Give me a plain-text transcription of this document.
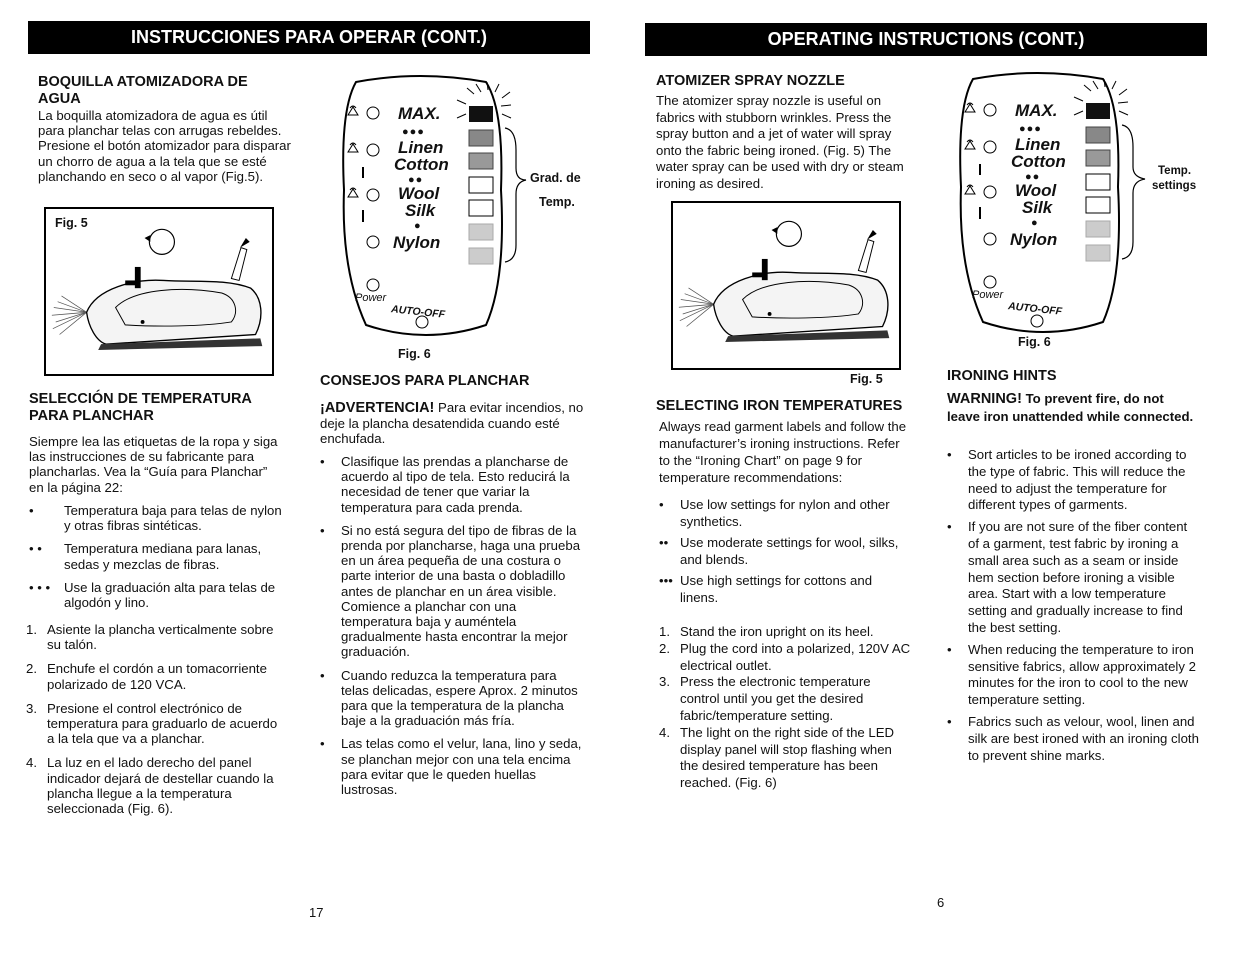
INSTRUCCIONES PARA OPERAR (CONT.)
BOQUILLA ATOMIZADORA DE AGUA
La boquilla atomizadora de agua es útil para planchar telas con arrugas rebeldes. Presione el botón atomizador para disparar un chorro de agua a la tela que se esté planchando en seco o al vapor (Fig.5).
Fig. 5
SELECCIÓN DE TEMPERATURA PARA PLANCHAR
Siempre lea las etiquetas de la ropa y siga las instrucciones de su fabricante para plancharlas. Vea la “Guía para Planchar” en la página 22:
• Temperatura baja para telas de nylon y otras fibras sintéticas.
• • Temperatura mediana para lanas, sedas y mezclas de fibras.
• • • Use la graduación alta para telas de algodón y lino.
1. Asiente la plancha verticalmente sobre su talón.
2. Enchufe el cordón a un tomacorriente polarizado de 120 VCA.
3. Presione el control electrónico de temperatura para graduarlo de acuerdo a la tela que va a planchar.
4. La luz en el lado derecho del panel indicador dejará de destellar cuando la plancha llegue a la temperatura seleccionada (Fig. 6).
MAX.
●●●
Linen
Cotton
●●
Wool
Silk
●
Nylon
Power
AUTO-OFF
Grad. de
Temp.
Fig. 6
CONSEJOS PARA PLANCHAR
¡ADVERTENCIA! Para evitar incendios, no deje la plancha desatendida cuando esté enchufada.
• Clasifique las prendas a plancharse de acuerdo al tipo de tela. Esto reducirá la necesidad de tener que variar la temperatura para cada prenda.
• Si no está segura del tipo de fibras de la prenda por plancharse, haga una prueba en un área pequeña de una costura o parte interior de una basta o dobladillo antes de planchar en un área visible. Comience a planchar con una temperatura baja y auméntela gradualmente hasta encontrar la mejor graduación.
• Cuando reduzca la temperatura para telas delicadas, espere Aprox. 2 minutos para que la temperatura de la plancha baje a la graduación más fría.
• Las telas como el velur, lana, lino y seda, se planchan mejor con una tela encima para evitar que le queden huellas lustrosas.
17
OPERATING INSTRUCTIONS (CONT.)
ATOMIZER SPRAY NOZZLE
The atomizer spray nozzle is useful on fabrics with stubborn wrinkles. Press the spray button and a jet of water will spray onto the fabric being ironed. (Fig. 5) The water spray can be used with dry or steam ironing as desired.
Fig. 5
SELECTING IRON TEMPERATURES
Always read garment labels and follow the manufacturer’s ironing instructions. Refer to the “Ironing Chart” on page 9 for temperature recommendations:
• Use low settings for nylon and other synthetics.
•• Use moderate settings for wool, silks, and blends.
••• Use high settings for cottons and linens.
1. Stand the iron upright on its heel.
2. Plug the cord into a polarized, 120V AC electrical outlet.
3. Press the electronic temperature control until you get the desired fabric/temperature setting.
4. The light on the right side of the LED display panel will stop flashing when the desired temperature has been reached. (Fig. 6)
MAX.
●●●
Linen
Cotton
●●
Wool
Silk
●
Nylon
Power
AUTO-OFF
Temp.
settings
Fig. 6
IRONING HINTS
WARNING! To prevent fire, do not leave iron unattended while connected.
• Sort articles to be ironed according to the type of fabric. This will reduce the need to adjust the temperature for different types of garments.
• If you are not sure of the fiber content of a garment, test fabric by ironing a small area such as a seam or inside hem section before ironing a visible area. Start with a low temperature setting and gradually increase to find the best setting.
• When reducing the temperature to iron sensitive fabrics, allow approximately 2 minutes for the iron to cool to the new temperature setting.
• Fabrics such as velour, wool, linen and silk are best ironed with an ironing cloth to prevent shine marks.
6
